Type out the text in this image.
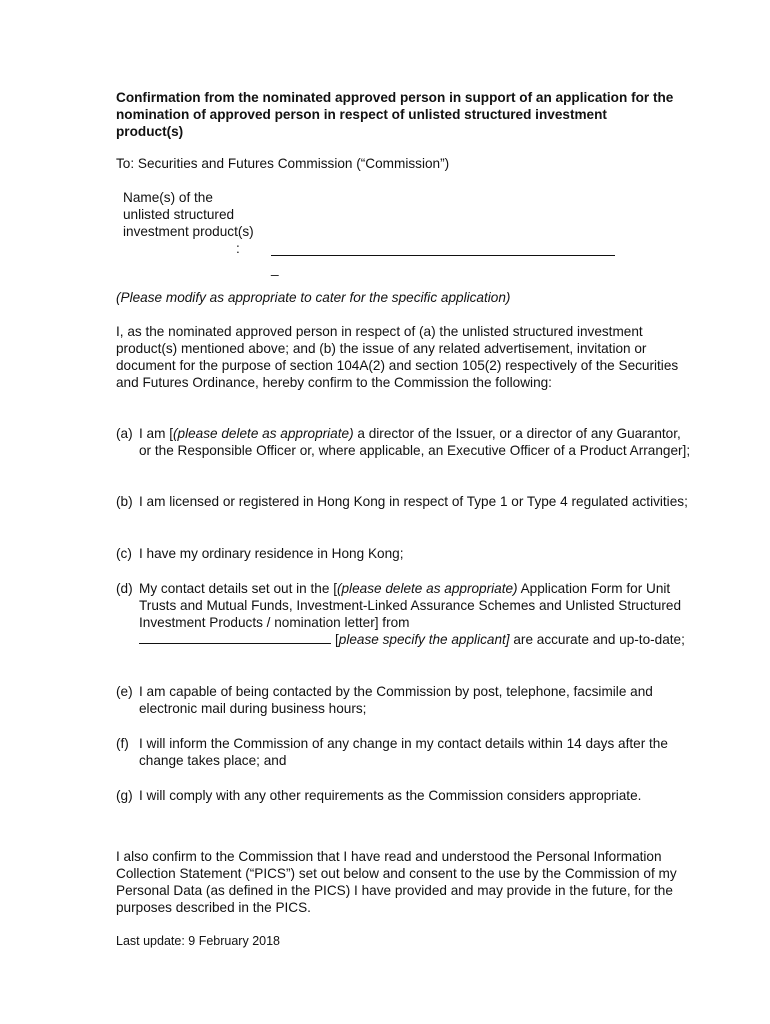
Confirmation from the nominated approved person in support of an application for the nomination of approved person in respect of unlisted structured investment product(s)
To: Securities and Futures Commission (“Commission”)
Name(s) of the unlisted structured investment product(s)
:
_
(Please modify as appropriate to cater for the specific application)
I, as the nominated approved person in respect of (a) the unlisted structured investment product(s) mentioned above; and (b) the issue of any related advertisement, invitation or document for the purpose of section 104A(2) and section 105(2) respectively of the Securities and Futures Ordinance, hereby confirm to the Commission the following:
(a) I am [(please delete as appropriate) a director of the Issuer, or a director of any Guarantor, or the Responsible Officer or, where applicable, an Executive Officer of a Product Arranger];
(b) I am licensed or registered in Hong Kong in respect of Type 1 or Type 4 regulated activities;
(c) I have my ordinary residence in Hong Kong;
(d) My contact details set out in the [(please delete as appropriate) Application Form for Unit Trusts and Mutual Funds, Investment-Linked Assurance Schemes and Unlisted Structured Investment Products / nomination letter] from
[please specify the applicant] are accurate and up-to-date;
(e) I am capable of being contacted by the Commission by post, telephone, facsimile and electronic mail during business hours;
(f) I will inform the Commission of any change in my contact details within 14 days after the change takes place; and
(g) I will comply with any other requirements as the Commission considers appropriate.
I also confirm to the Commission that I have read and understood the Personal Information Collection Statement (“PICS”) set out below and consent to the use by the Commission of my Personal Data (as defined in the PICS) I have provided and may provide in the future, for the purposes described in the PICS.
Last update: 9 February 2018
